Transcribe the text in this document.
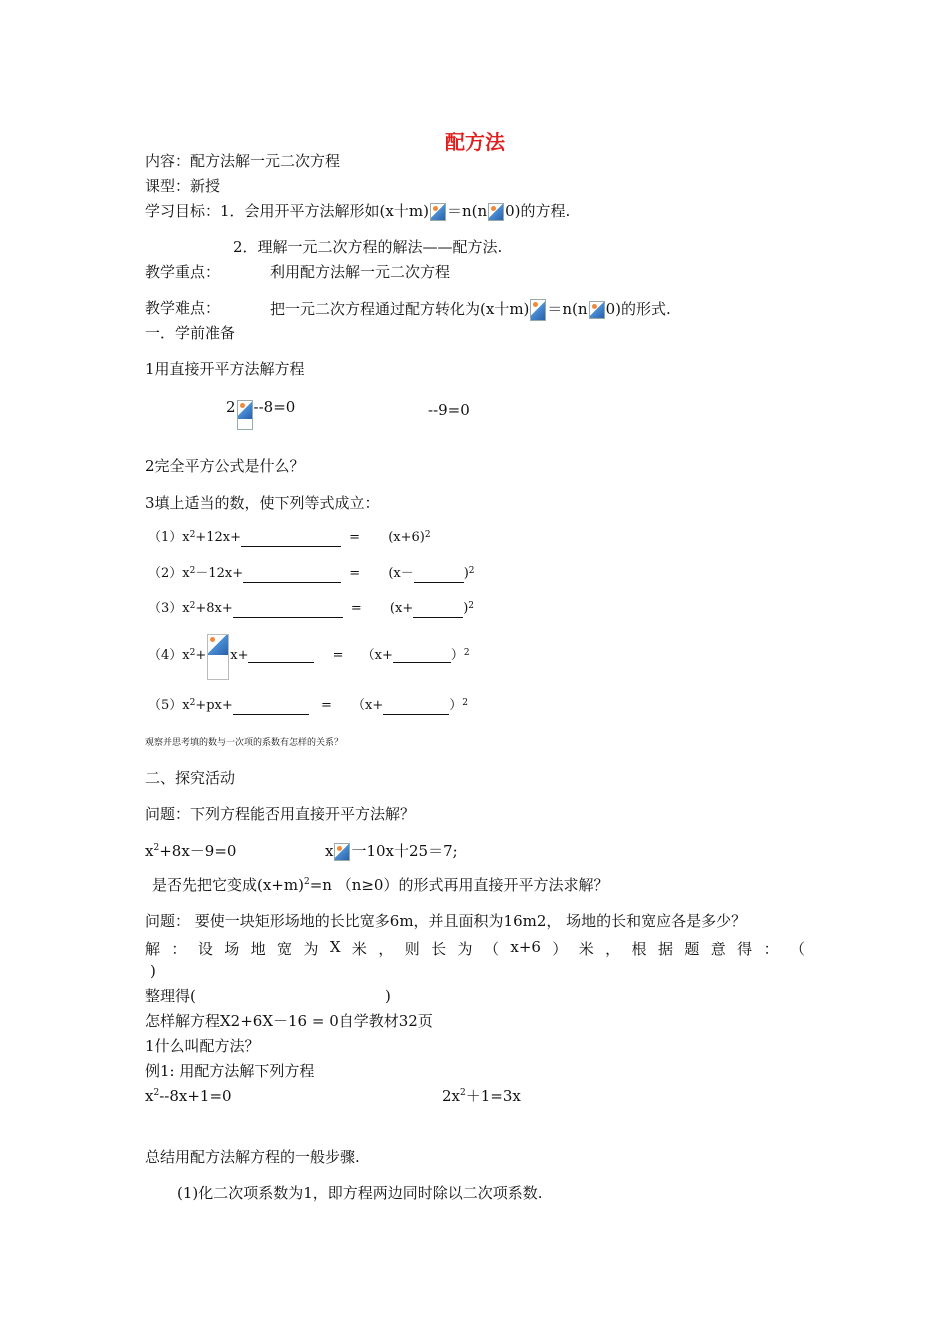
配方法
内容：配方法解一元二次方程
课型：新授
学习目标：1．会用开平方法解形如(x十m) ＝n(n 0)的方程.
2．理解一元二次方程的解法——配方法.
教学重点：	利用配方法解一元二次方程
教学难点：	把一元二次方程通过配方转化为(x十m) ＝n(n 0)的形式.
一．学前准备
1用直接开平方法解方程
2 --8=0	--9=0
2完全平方公式是什么？
3填上适当的数，使下列等式成立：
$(1)x^2+12x+$	= $(x+6)^2$
$(2)x^2-12x+$	= (x－	)$^2$
$(3)x^2+8x+$	= (x+	)$^2$
$(4)x^2+ x+$	= （x+	）$^2$
$(5)x^2+px+$	= （x+	）$^2$
观察并思考填的数与一次项的系数有怎样的关系？
二、探究活动
问题：下列方程能否用直接开平方法解？
$x^2+8x-9=0$	x 一10x十25＝7;
是否先把它变成$(x+m)^2=n$ （n≥0）的形式再用直接开平方法求解？
问题： 要使一块矩形场地的长比宽多6m，并且面积为16m2， 场地的长和宽应各是多少？
解 ： 设 场 地 宽 为 X 米 ， 则 长 为 （ x+6 ） 米 ， 根 据 题 意 得 ： （
)
整理得(	)
怎样解方程X2+6X－16 = 0自学教材32页
1什么叫配方法？
例1: 用配方法解下列方程
$x^2--8x+1=0$	$2x^2+1=3x$
总结用配方法解方程的一般步骤.
(1)化二次项系数为1，即方程两边同时除以二次项系数.
